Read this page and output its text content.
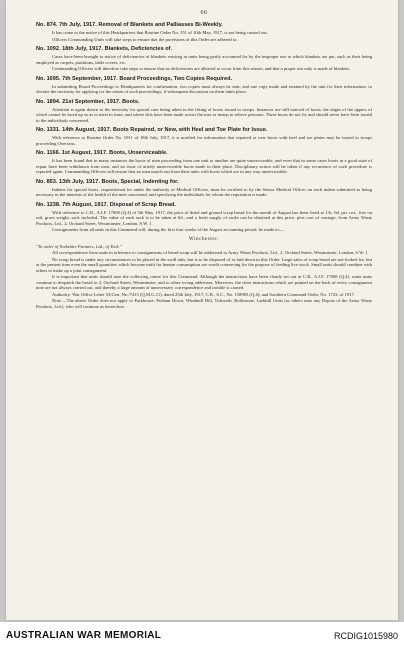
66
No. 874. 7th July, 1917. Removal of Blankets and Palliasses Bi-Weekly.

It has come to the notice of this Headquarters that Routine Order No. 151 of 10th May, 1917, is not being carried out.

Officers Commanding Units will take steps to ensure that the provisions of this Order are adhered to.

No. 1092. 18th July, 1917. Blankets, Deficiencies of.

Cases have been brought to notice of deficiencies of blankets existing in units being partly accounted for by the improper use to which blankets are put, such as their being employed as carpets, partitions, table covers, etc.

Commanding Officers will therefore take steps to ensure that no deficiencies are allowed to occur from this reason, and that a proper use only is made of blankets.

No. 1695. 7th September, 1917. Board Proceedings, Two Copies Required.

In submitting Board Proceedings to Headquarters for confirmation, two copies must always be sent, and one copy made and retained by the unit for their information, to obviate the necessity for applying for the return of such proceedings, if subsequent discussion on them takes place.

No. 1894. 21st September, 1917. Boots.

Attention is again drawn to the necessity for special care being taken in the fitting of boots issued to troops. Instances are still noticed of boots, the edges of the uppers of which cannot be laced up so as to meet in front, and where slits have been made across the toes or instep to relieve pressure. These boots do not fit, and should never have been issued to the individuals concerned.

No. 1331. 14th August, 1917. Boots Repaired, or New, with Heel and Toe Plate for Issue.

With reference to Routine Order No. 1011 of 18th July, 1917, it is notified for information that repaired or new boots with heel and toe plates may be issued to troops proceeding Overseas.

No. 1166. 1st August, 1917. Boots, Unserviceable.

It has been found that in many instances the boots of men proceeding from one unit to another are quite unserviceable, and even that in some cases boots in a good state of repair have been withdrawn from men, and an issue of utterly unserviceable boots made in their place. Disciplinary action will be taken if any recurrence of such procedure is reported again. Commanding Officers will ensure that no men march out from their units with boots which are in any way unserviceable.

No. 853. 13th July, 1917. Boots, Special, Indenting for.

Indents for special boots, requisitioned for under the authority of Medical Officers, must be certified to by the Senior Medical Officer on each indent submitted as being necessary in the interests of the health of the men concerned, and specifying the individuals for whom the requisition is made.

No. 1238. 7th August, 1917. Disposal of Scrap Bread.

With reference to C.R., A.I.F. 17008 (Q.4) of 5th May, 1917, the price of dried and ground scrap bread for the month of August has been fixed at 13s. 6d. per cwt., free on rail, gross weight, sack included. The value of each sack is to be taken at 6d., and a fresh supply of sacks can be obtained at this price, plus cost of carriage, from Army Waste Products, Ltd., 2, Orchard Street, Westminster, London, S.W. 1.

Consignments from all units in this Command will, during the first four weeks of the August accounting period, be made to:—

Winchester.
"To order of Yorkshire Farmers, Ltd., of York."

All correspondence from units in reference to consignments of bread scrap will be addressed to Army Waste Products, Ltd., 2, Orchard Street, Westminster, London, S.W. 1.

No scrap bread is under any circumstances to be placed in the swill tubs, but is to be disposed of as laid down in this Order. Large sales of scrap bread are not looked for, but at the present time even the small quantities which become unfit for human consumption are worth conserving for the purpose of feeding live stock. Small units should combine with others to make up a joint consignment.

It is important that units should note the collecting centre for this Command. Although the instructions have been clearly set out in C.R., A.I.F. 17008 (Q.4), some units continue to despatch the bread to 2, Orchard Street, Westminster, and to other wrong addresses. Moreover, the clear instructions which are printed on the back of every consignment note are not always carried out, and thereby a large amount of unnecessary correspondence and trouble is caused.

Authority: War Office Letter 53/Gen. No./7415 (Q.M.G.11), dated 25th July, 1917; C.R., S.C., No. 158983 (Q.4); and Southern Command Order, No. 1723, of 1917.

Note.—The above Order does not apply to Parkhouse, Perham Down, Windmill Hill, Tidworth, Rollestone, Larkhill Units (or others near any Depots of the Army Waste Products, Ltd.), who will continue as heretofore.

AUSTRALIAN WAR MEMORIAL	RCDIG1015980
